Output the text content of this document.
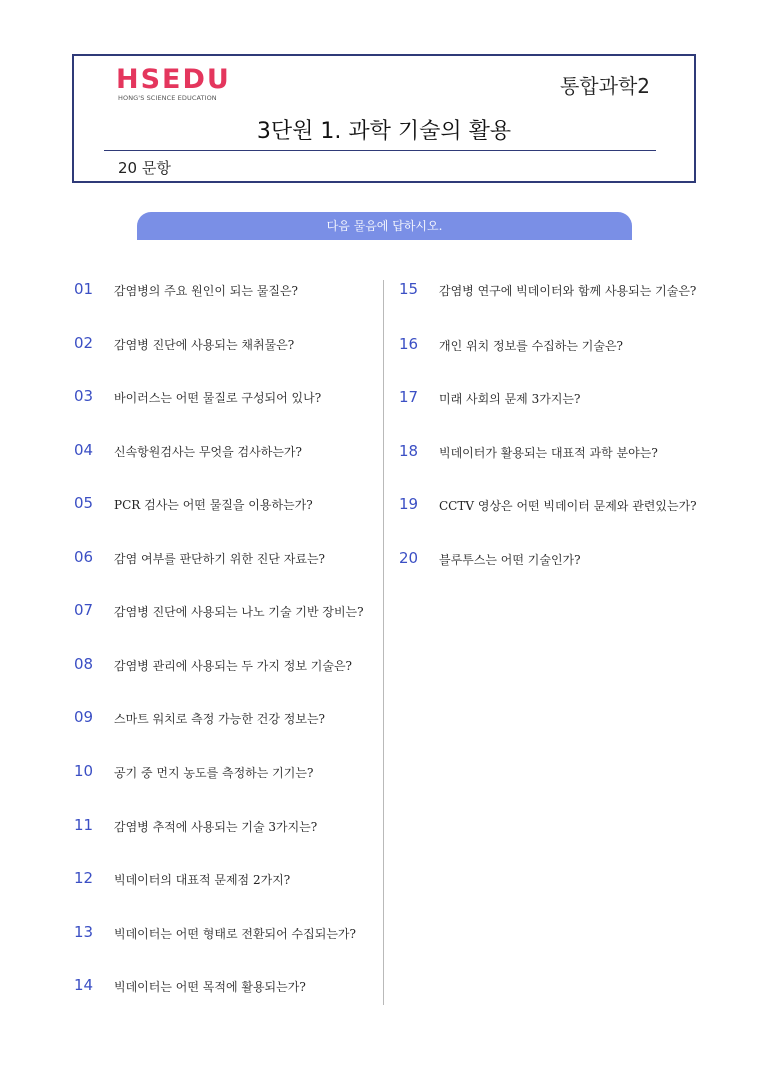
HSEDU
HONG'S SCIENCE EDUCATION	통합과학2
3단원 1. 과학 기술의 활용
20 문항
다음 물음에 답하시오.
01	감염병의 주요 원인이 되는 물질은?
02	감염병 진단에 사용되는 채취물은?
03	바이러스는 어떤 물질로 구성되어 있나?
04	신속항원검사는 무엇을 검사하는가?
05	PCR 검사는 어떤 물질을 이용하는가?
06	감염 여부를 판단하기 위한 진단 자료는?
07	감염병 진단에 사용되는 나노 기술 기반 장비는?
08	감염병 관리에 사용되는 두 가지 정보 기술은?
09	스마트 워치로 측정 가능한 건강 정보는?
10	공기 중 먼지 농도를 측정하는 기기는?
11	감염병 추적에 사용되는 기술 3가지는?
12	빅데이터의 대표적 문제점 2가지?
13	빅데이터는 어떤 형태로 전환되어 수집되는가?
14	빅데이터는 어떤 목적에 활용되는가?
15	감염병 연구에 빅데이터와 함께 사용되는 기술은?
16	개인 위치 정보를 수집하는 기술은?
17	미래 사회의 문제 3가지는?
18	빅데이터가 활용되는 대표적 과학 분야는?
19	CCTV 영상은 어떤 빅데이터 문제와 관련있는가?
20	블루투스는 어떤 기술인가?
